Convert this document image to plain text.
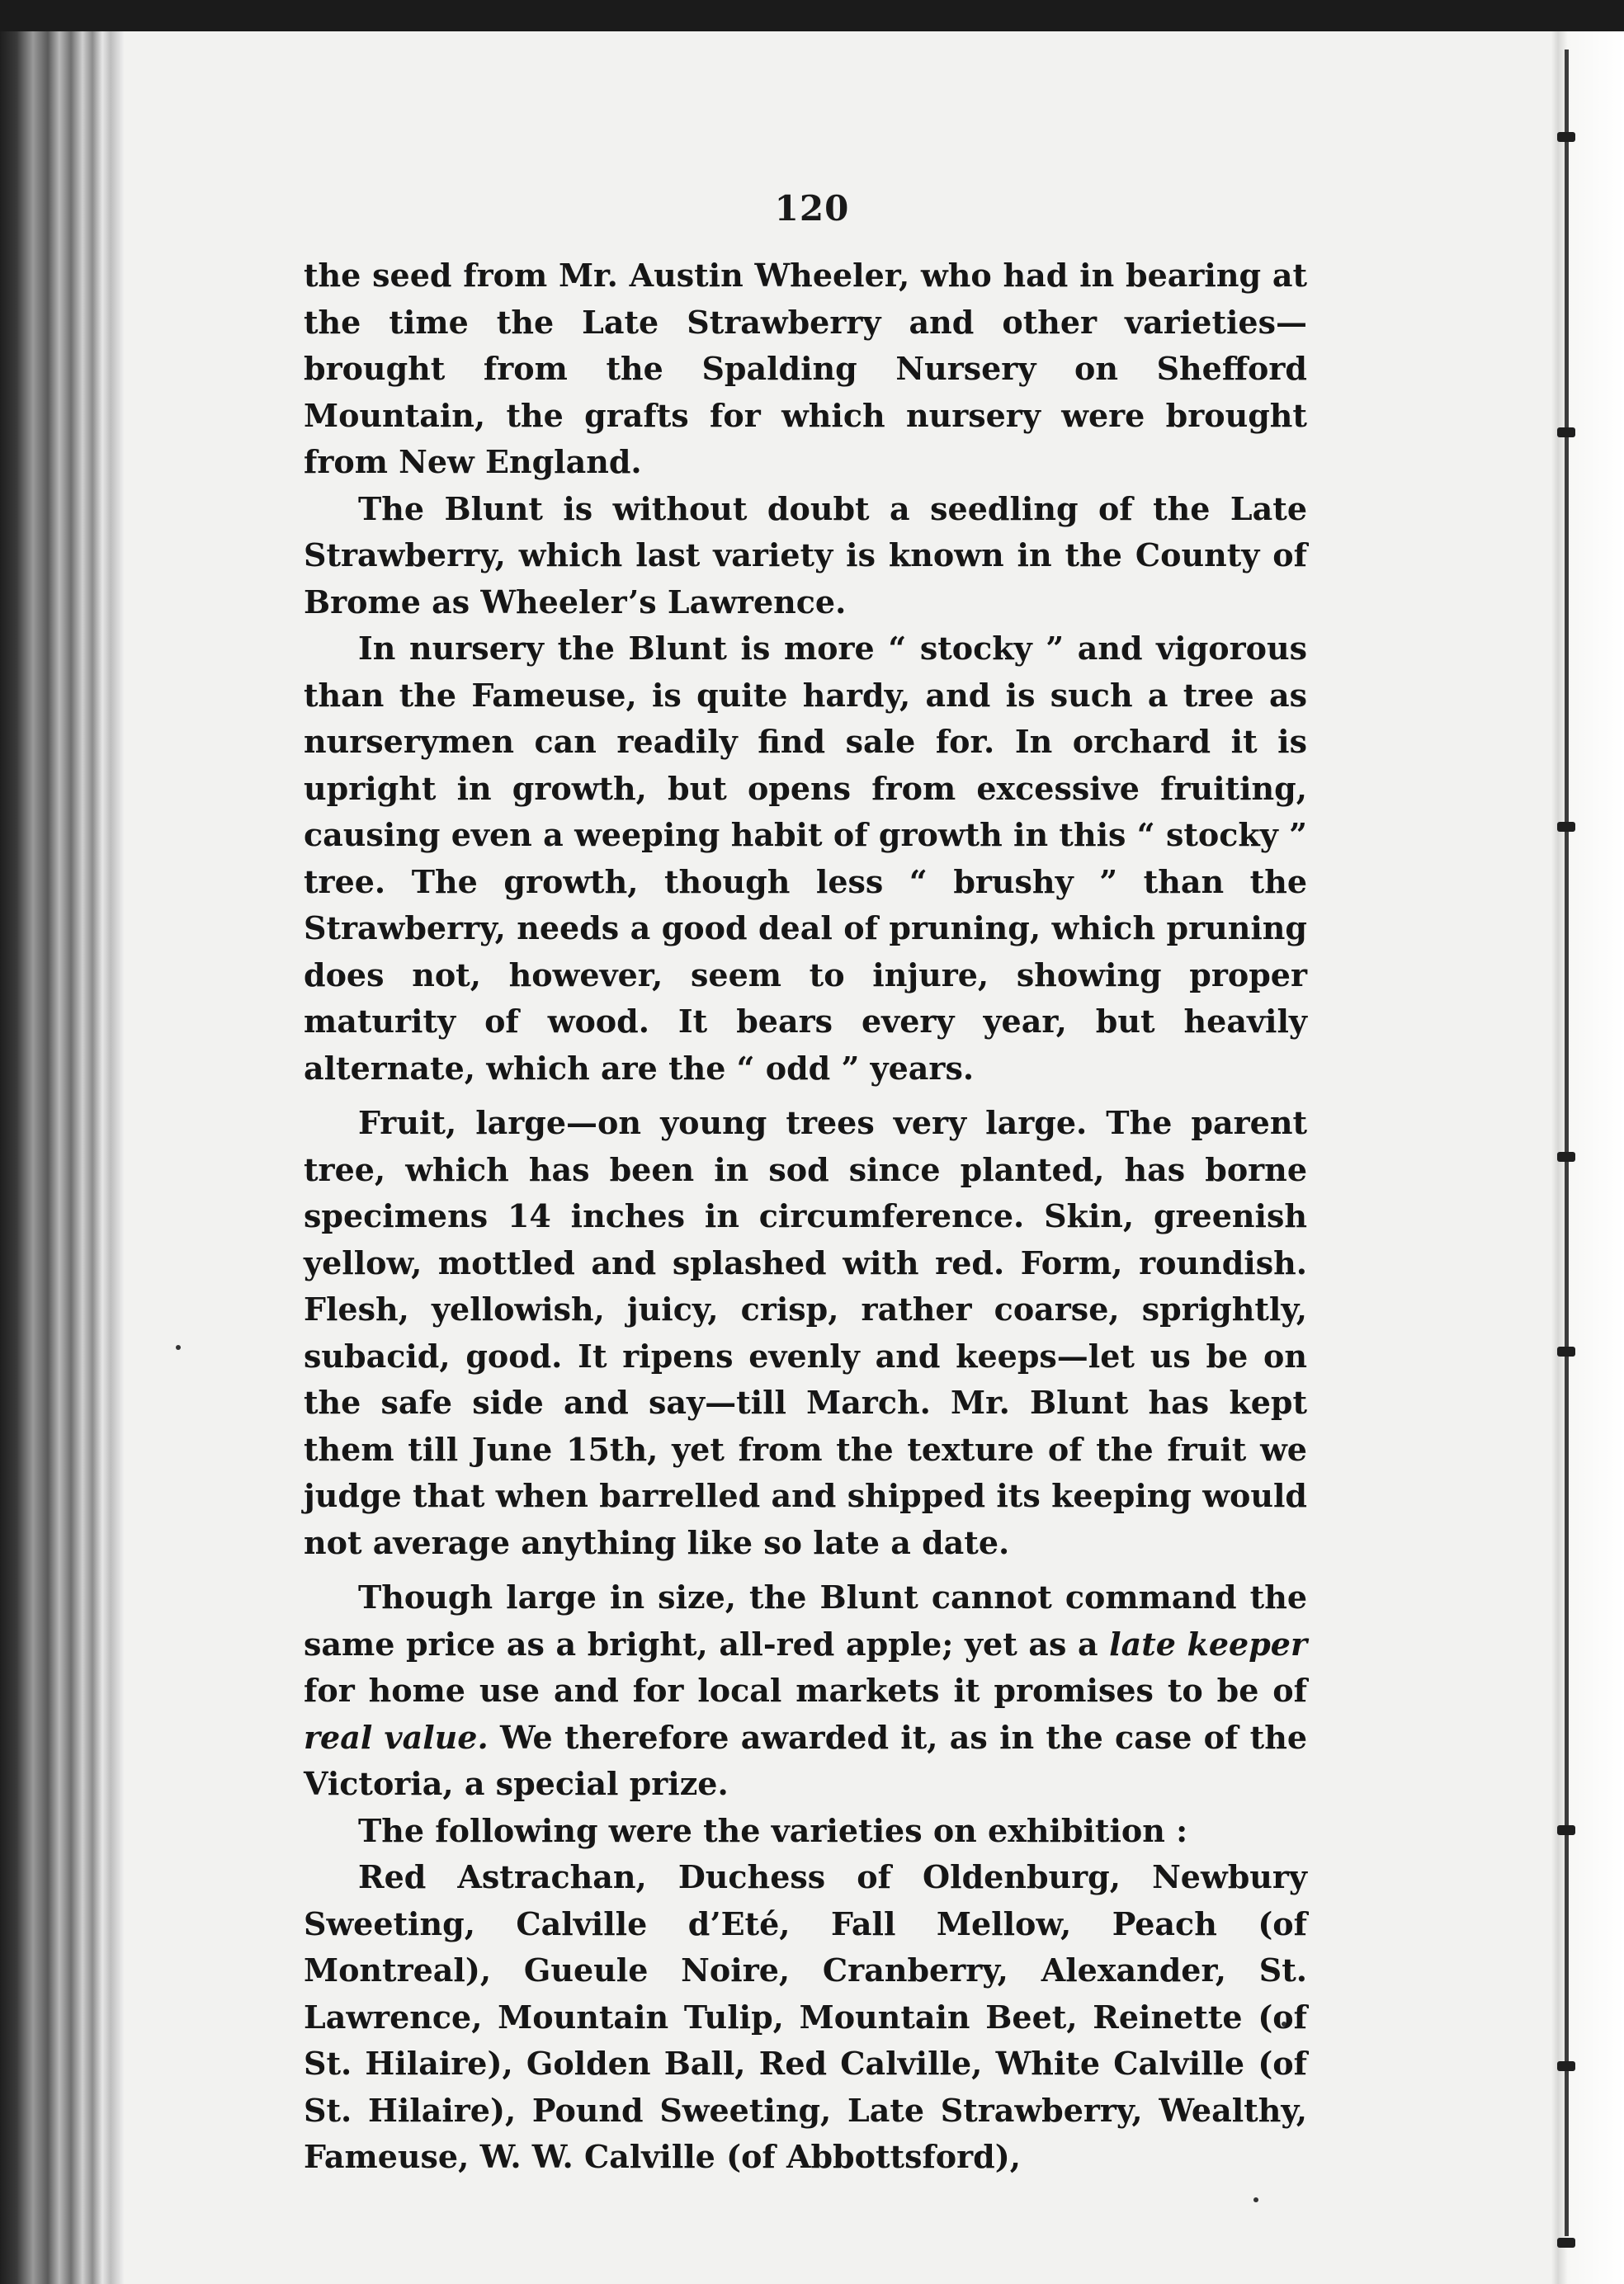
120

the seed from Mr. Austin Wheeler, who had in bearing at the time the Late Strawberry and other varieties—brought from the Spalding Nursery on Shefford Mountain, the grafts for which nursery were brought from New England.

The Blunt is without doubt a seedling of the Late Strawberry, which last variety is known in the County of Brome as Wheeler’s Lawrence.

In nursery the Blunt is more “ stocky ” and vigorous than the Fameuse, is quite hardy, and is such a tree as nurserymen can readily find sale for. In orchard it is upright in growth, but opens from excessive fruiting, causing even a weeping habit of growth in this “ stocky ” tree. The growth, though less “ brushy ” than the Strawberry, needs a good deal of pruning, which pruning does not, however, seem to injure, showing proper maturity of wood. It bears every year, but heavily alternate, which are the “ odd ” years.

Fruit, large—on young trees very large. The parent tree, which has been in sod since planted, has borne specimens 14 inches in circumference. Skin, greenish yellow, mottled and splashed with red. Form, roundish. Flesh, yellowish, juicy, crisp, rather coarse, sprightly, subacid, good. It ripens evenly and keeps—let us be on the safe side and say—till March. Mr. Blunt has kept them till June 15th, yet from the texture of the fruit we judge that when barrelled and shipped its keeping would not average anything like so late a date.

Though large in size, the Blunt cannot command the same price as a bright, all-red apple; yet as a late keeper for home use and for local markets it promises to be of real value. We therefore awarded it, as in the case of the Victoria, a special prize.

The following were the varieties on exhibition :

Red Astrachan, Duchess of Oldenburg, Newbury Sweeting, Calville d’Eté, Fall Mellow, Peach (of Montreal), Gueule Noire, Cranberry, Alexander, St. Lawrence, Mountain Tulip, Mountain Beet, Reinette (of St. Hilaire), Golden Ball, Red Calville, White Calville (of St. Hilaire), Pound Sweeting, Late Strawberry, Wealthy, Fameuse, W. W. Calville (of Abbottsford),
